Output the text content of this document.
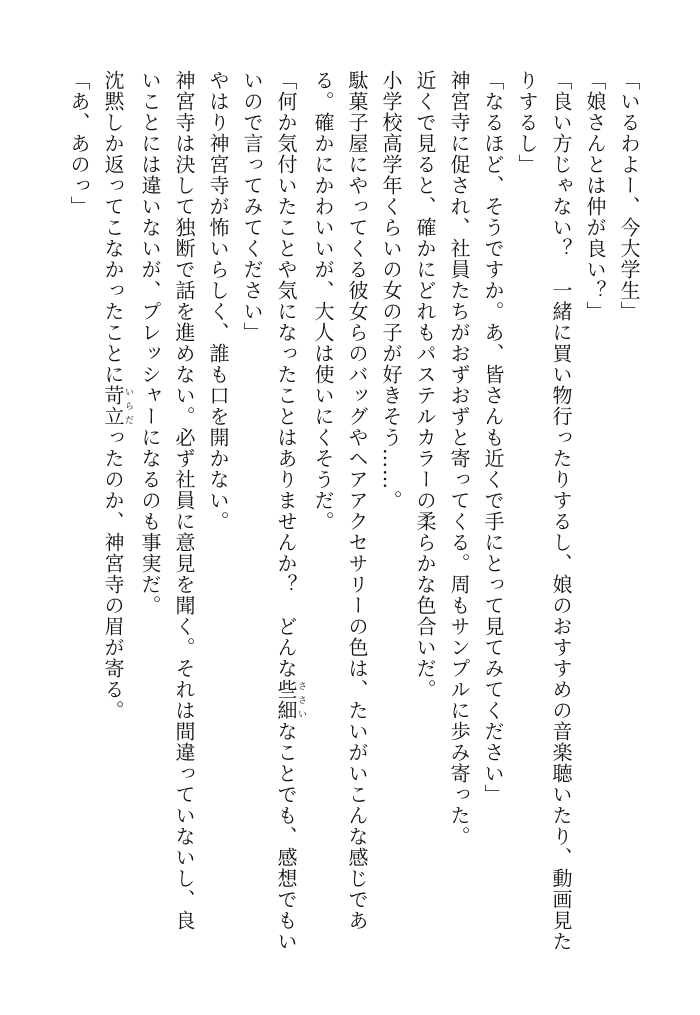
「いるわよー、今大学生」
「娘さんとは仲が良い？」
「良い方じゃない？　一緒に買い物行ったりするし、娘のおすすめの音楽聴いたり、動画見た
りするし」
「なるほど、そうですか。あ、皆さんも近くで手にとって見てみてください」
神宮寺に促され、社員たちがおずおずと寄ってくる。周もサンプルに歩み寄った。
近くで見ると、確かにどれもパステルカラーの柔らかな色合いだ。
小学校高学年くらいの女の子が好きそう……。
駄菓子屋にやってくる彼女らのバッグやヘアアクセサリーの色は、たいがいこんな感じであ
る。確かにかわいいが、大人は使いにくそうだ。
「何か気付いたことや気になったことはありませんか？　どんな些細ささいなことでも、感想でもい
いので言ってみてください」
やはり神宮寺が怖いらしく、誰も口を開かない。
神宮寺は決して独断で話を進めない。必ず社員に意見を聞く。それは間違っていないし、良
いことには違いないが、プレッシャーになるのも事実だ。
沈黙しか返ってこなかったことに苛立いらだったのか、神宮寺の眉が寄る。
「あ、あのっ」
